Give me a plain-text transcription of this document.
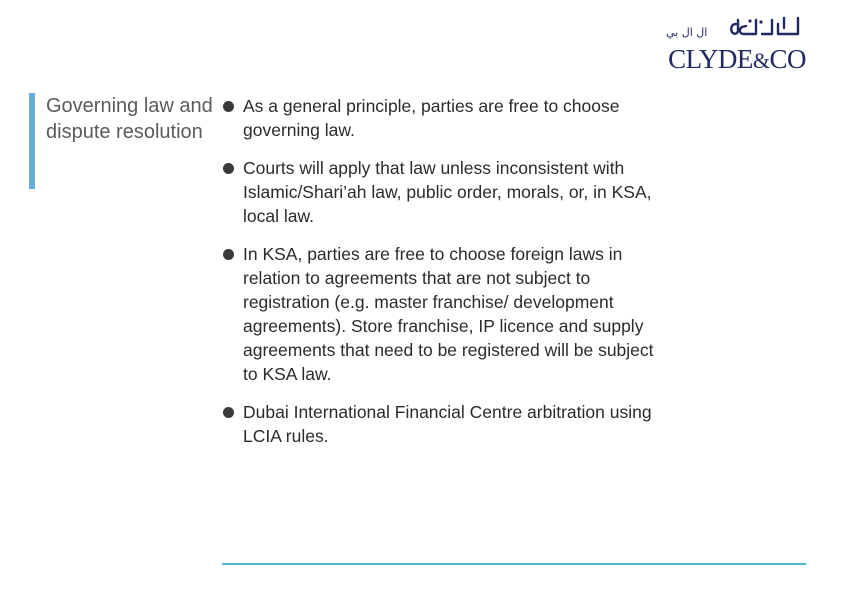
ﺍﻝ ﺍﻝ ﺑﻲ
CLYDE&CO
Governing law and dispute resolution
As a general principle, parties are free to choose governing law.
Courts will apply that law unless inconsistent with Islamic/Shari’ah law, public order, morals, or, in KSA, local law.
In KSA, parties are free to choose foreign laws in relation to agreements that are not subject to registration (e.g. master franchise/ development agreements). Store franchise, IP licence and supply agreements that need to be registered will be subject to KSA law.
Dubai International Financial Centre arbitration using LCIA rules.
